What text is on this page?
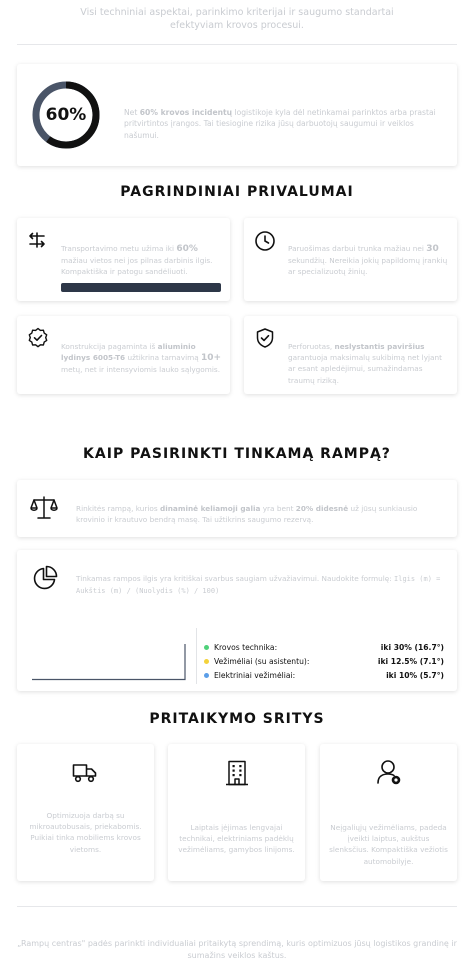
Visi techniniai aspektai, parinkimo kriterijai ir saugumo standartai efektyviam krovos procesui.
60%	Net 60% krovos incidentų logistikoje kyla dėl netinkamai parinktos arba prastai pritvirtintos įrangos. Tai tiesiogine rizika jūsų darbuotojų saugumui ir veiklos našumui.
PAGRINDINIAI PRIVALUMAI
Transportavimo metu užima iki 60% mažiau vietos nei jos pilnas darbinis ilgis. Kompaktiška ir patogu sandėliuoti.
Paruošimas darbui trunka mažiau nei 30 sekundžių. Nereikia jokių papildomų įrankių ar specializuotų žinių.
Konstrukcija pagaminta iš aliuminio lydinys 6005-T6 užtikrina tarnavimą 10+ metų, net ir intensyviomis lauko sąlygomis.
Perforuotas, neslystantis paviršius garantuoja maksimalų sukibimą net lyjant ar esant apledėjimui, sumažindamas traumų riziką.
KAIP PASIRINKTI TINKAMĄ RAMPĄ?
Rinkitės rampą, kurios dinaminė keliamoji galia yra bent 20% didesnė už jūsų sunkiausio krovinio ir krautuvo bendrą masę. Tai užtikrins saugumo rezervą.
Tinkamas rampos ilgis yra kritiškai svarbus saugiam užvažiavimui. Naudokite formulę: Ilgis (m) = Aukštis (m) / (Nuolydis (%) / 100)
Krovos technika:	iki 30% (16.7°)
Vežimėliai (su asistentu):	iki 12.5% (7.1°)
Elektriniai vežimėliai:	iki 10% (5.7°)
PRITAIKYMO SRITYS
Optimizuoja darbą su mikroautobusais, priekabomis. Puikiai tinka mobiliems krovos vietoms.
Laiptais įėjimas lengvajai technikai, elektriniams padėklų vežimėliams, gamybos linijoms.
Neįgaliųjų vežimėliams, padeda įveikti laiptus, aukštus slenksčius. Kompaktiška vežiotis automobilyje.
„Rampų centras" padės parinkti individualiai pritaikytą sprendimą, kuris optimizuos jūsų logistikos grandinę ir sumažins veiklos kaštus.
